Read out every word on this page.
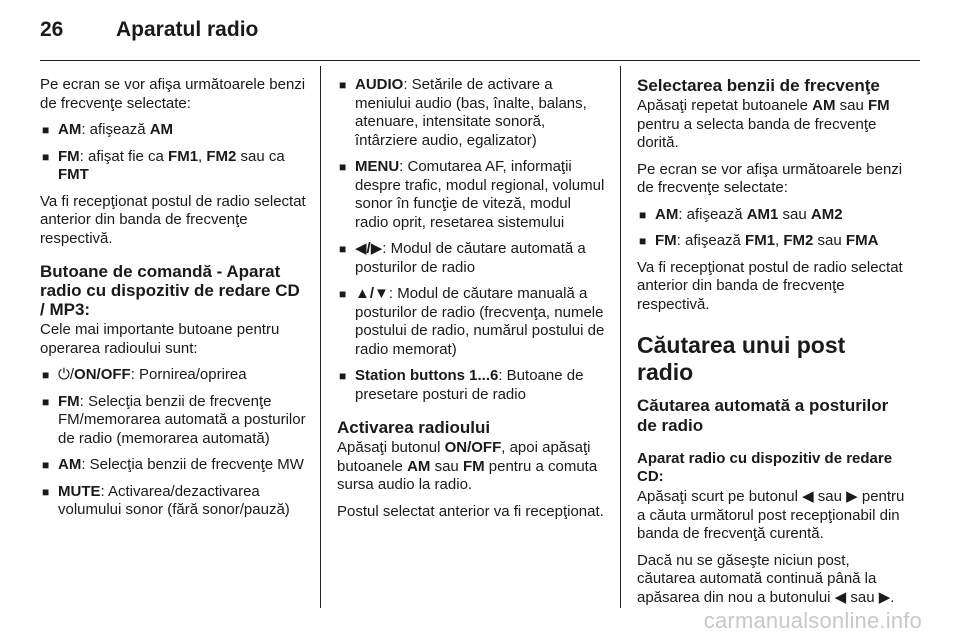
26	Aparatul radio

Pe ecran se vor afişa următoarele benzi de frecvenţe selectate:

■ AM: afişează AM
■ FM: afişat fie ca FM1, FM2 sau ca FMT

Va fi recepţionat postul de radio selectat anterior din banda de frecvenţe respectivă.

Butoane de comandă - Aparat radio cu dispozitiv de redare CD / MP3:

Cele mai importante butoane pentru operarea radioului sunt:

■ ⏻/ON/OFF: Pornirea/oprirea
■ FM: Selecţia benzii de frecvenţe FM/memorarea automată a posturilor de radio (memorarea automată)
■ AM: Selecţia benzii de frecvenţe MW
■ MUTE: Activarea/dezactivarea volumului sonor (fără sonor/pauză)
■ AUDIO: Setările de activare a meniului audio (bas, înalte, balans, atenuare, intensitate sonoră, întârziere audio, egalizator)
■ MENU: Comutarea AF, informaţii despre trafic, modul regional, volumul sonor în funcţie de viteză, modul radio oprit, resetarea sistemului
■ ◀/▶: Modul de căutare automată a posturilor de radio
■ ▲/▼: Modul de căutare manuală a posturilor de radio (frecvenţa, numele postului de radio, numărul postului de radio memorat)
■ Station buttons 1...6: Butoane de presetare posturi de radio
Activarea radioului

Apăsaţi butonul ON/OFF, apoi apăsaţi butoanele AM sau FM pentru a comuta sursa audio la radio.

Postul selectat anterior va fi recepţionat.

Selectarea benzii de frecvenţe

Apăsaţi repetat butoanele AM sau FM pentru a selecta banda de frecvenţe dorită.

Pe ecran se vor afişa următoarele benzi de frecvenţe selectate:

■ AM: afişează AM1 sau AM2
■ FM: afişează FM1, FM2 sau FMA

Va fi recepţionat postul de radio selectat anterior din banda de frecvenţe respectivă.

Căutarea unui post radio
Căutarea automată a posturilor de radio
Aparat radio cu dispozitiv de redare CD:

Apăsaţi scurt pe butonul ◀ sau ▶ pentru a căuta următorul post recepţionabil din banda de frecvenţă curentă.

Dacă nu se găseşte niciun post, căutarea automată continuă până la apăsarea din nou a butonului ◀ sau ▶.

carmanualsonline.info
